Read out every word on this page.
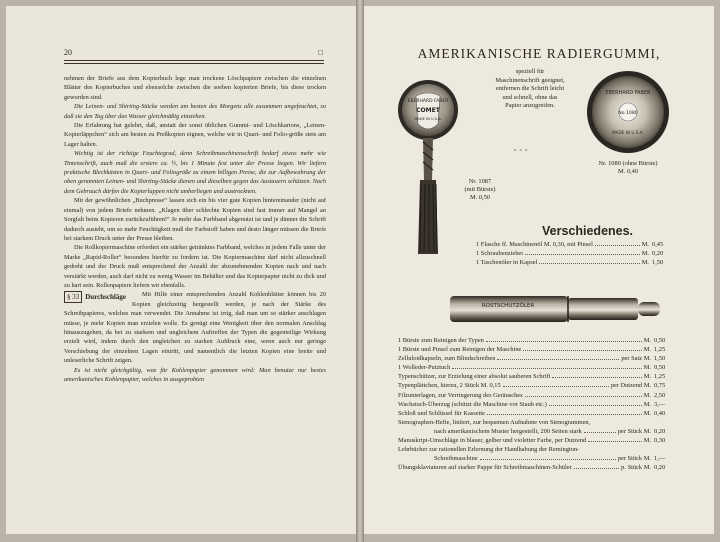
20	□

nehmen der Briefe aus dem Kopierbuch lege man trockene Löschpapiere zwischen die einzelnen Blätter des Kopierbuches und ebensolche zwischen die soeben kopierten Briefe, bis diese trocken geworden sind.

Die Leinen- und Shirting-Stücke werden am besten des Morgens alle zusammen angefeuchtet, so daß sie den Tag über das Wasser gleichmäßig einziehen.

Die Erfahrung hat gelehrt, daß, anstatt der sonst üblichen Gummi- und Löschkartons, „Leinen-Kopierläppchen“ sich am besten zu Preßkopien eignen, welche wir in Quart- und Folio-größe stets am Lager halten.

Wichtig ist der richtige Feuchtegrad, denn Schreibmaschinenschrift bedarf etwas mehr wie Tintenschrift, auch muß die erstere ca. ½, bis 1 Minute fest unter der Presse liegen. Wir liefern praktische Blechkästen in Quart- und Foliogröße zu einem billigen Preise, die zur Aufbewahrung der oben genannten Leinen- und Shirting-Stücke dienen und dieselben gegen das Austauern schützen. Nach dem Gebrauch dürfen die Kopierlappen nicht umherliegen und austrocknen.

Mit der gewöhnlichen „Buchpresse“ lassen sich ein bis vier gute Kopien hintereinander (nicht auf einmal) von jedem Briefe nehmen. „Klagen über schlechte Kopien sind fast immer auf Mangel an Sorgfalt beim Kopieren zurückzuführen!“ Je mehr das Farbband abgenutzt ist und je dünner die Schrift dadurch ausieht, um so mehr Feuchtigkeit muß der Farbstoff haben und desto länger müssen die Briefe bei starkem Druck unter der Presse bleiben.

Die Rollkopiermaschine erfordert ein stärker getränktes Farbband, welches in jedem Falle unter der Marke „Rapid-Roller“ besonders hierfür zu fordern ist. Die Kopiermaschine darf nicht allzuschnell gedreht und der Druck muß entsprechend der Anzahl der abzunehmenden Kopien nach und nach verstärkt werden, auch darf nicht zu wenig Wasser im Behälter und das Kopierpapier nicht zu dick und zu hart sein. Rollenpapiere liefern wir ebenfalls.

§ 33 Durchschläge	Mit Hilfe einer entsprechenden Anzahl Kohlenblätter können bis 20 Kopien gleichzeitig hergestellt werden, je nach der Stärke des Schreibpapieres, welches man verwendet. Die Annahme ist irrig, daß man um so stärker anschlagen müsse, je mehr Kopien man erzielen wolle. Es genügt eine Wenigkeit über den normalen Anschlag hinauszugehen, da bei zu starkem und ungleichem Auftreffen der Typen die gegenteilige Wirkung erzielt wird, indem durch den ungleichen zu starken Aufdruck eine, wenn auch nur geringe Verschiebung der einzelnen Lagen eintritt, und namentlich die letzten Kopien eine breite und unleserliche Schrift zeigen.

Es ist nicht gleichgültig, was für Kohlenpapier genommen wird: Man benutze nur bestes amerikanisches Kohlenpapier, welches in ausgeprobten

AMERIKANISCHE RADIERGUMMI,
EBERHARD FABER
COMET
MADE IN U.S.A.
Nr. 1087
(mit Bürste)
M. 0,50
speziell für Maschinenschrift geeignet, entfernen die Schrift leicht und schnell, ohne das Papier anzugreifen.
EBERHARD FABER
No 1080
MADE IN U.S.A.
Nr. 1080 (ohne Bürste)
M. 0,40
▫ ▫ ▫
Verschiedenes.
1 Flasche ff. Maschinenöl M. 0,30, mit Pinsel	M. 0,45
1 Schraubenzieher	M. 0,20
1 Taschenöler in Kapsel	M. 1,50
ROSTSCHUTZÖLER
1 Bürste zum Reinigen der Typen	M. 0,50
1 Bürste und Pinsel zum Reinigen der Maschine	M. 1,25
Zelluloidkapseln, zum Blindschreiben	per Satz M. 1,50
1 Wolleder-Putztuch	M. 0,50
Typenschützer, zur Erzielung einer absolut sauberen Schrift	M. 1,25
Typenplättchen, hierzu, 2 Stück M. 0,15	per Dutzend M. 0,75
Filzunterlagen, zur Verringerung des Geräusches	M. 2,50
Wachstuch-Überzug (schützt die Maschine vor Staub etc.)	M. 3,—
Schloß und Schlüssel für Kassette	M. 0,40
Stenographen-Hefte, liniiert, zur bequemen Aufnahme von Stenogrammen,
nach amerikanischem Muster hergestellt, 200 Seiten stark	per Stück M. 0,20
Manuskript-Umschläge in blauer, gelber und violetter Farbe, per Dutzend	M. 0,30
Lehrbücher zur rationellen Erlernung der Handhabung der Remington-
Schreibmaschine	per Stück M. 1,—
Übungsklaviaturen auf starker Pappe für Schreibmaschinen-Schüler	p. Stück M. 0,20
